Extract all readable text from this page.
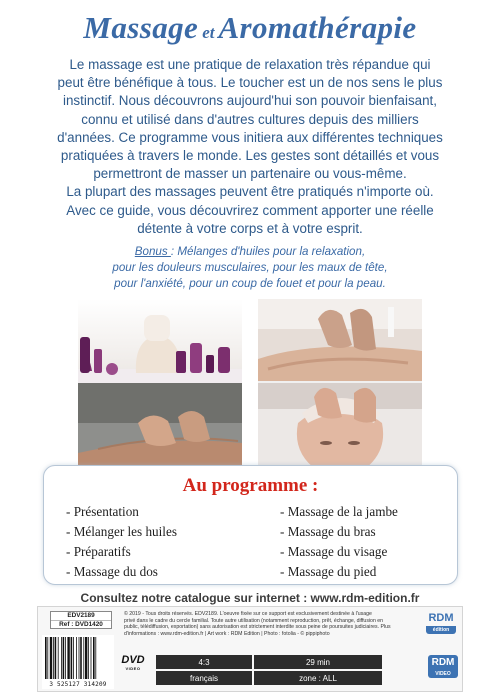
Massage et Aromathérapie
Le massage est une pratique de relaxation très répandue qui
peut être bénéfique à tous. Le toucher est un de nos sens le plus
instinctif. Nous découvrons aujourd'hui son pouvoir bienfaisant,
connu et utilisé dans d'autres cultures depuis des milliers
d'années. Ce programme vous initiera aux différentes techniques
pratiquées à travers le monde. Les gestes sont détaillés et vous
permettront de masser un partenaire ou vous-même.
La plupart des massages peuvent être pratiqués n'importe où.
Avec ce guide, vous découvrirez comment apporter une réelle
détente à votre corps et à votre esprit.
Bonus : Mélanges d'huiles pour la relaxation,
pour les douleurs musculaires, pour les maux de tête,
pour l'anxiété, pour un coup de fouet et pour la peau.
Au programme :
- Présentation
- Mélanger les huiles
- Préparatifs
- Massage du dos
- Massage de la jambe
- Massage du bras
- Massage du visage
- Massage du pied
Consultez notre catalogue sur internet : www.rdm-edition.fr
EDV2189
Ref : DVD1420
© 2019 - Tous droits réservés. EDV2189. L'oeuvre fixée sur ce support est exclusivement destinée à l'usage
privé dans le cadre du cercle familial. Toute autre utilisation (notamment reproduction, prêt, échange, diffusion en
public, télédiffusion, exportation) sans autorisation est strictement interdite sous peine de poursuites judiciaires. Plus
d'informations : www.rdm-edition.fr | Art work : RDM Edition | Photo : fotolia - © pippiphoto
3 525127 314209
DVD
VIDEO
4:3	29 min
français	zone : ALL
RDM
édition
RDM
VIDEO
